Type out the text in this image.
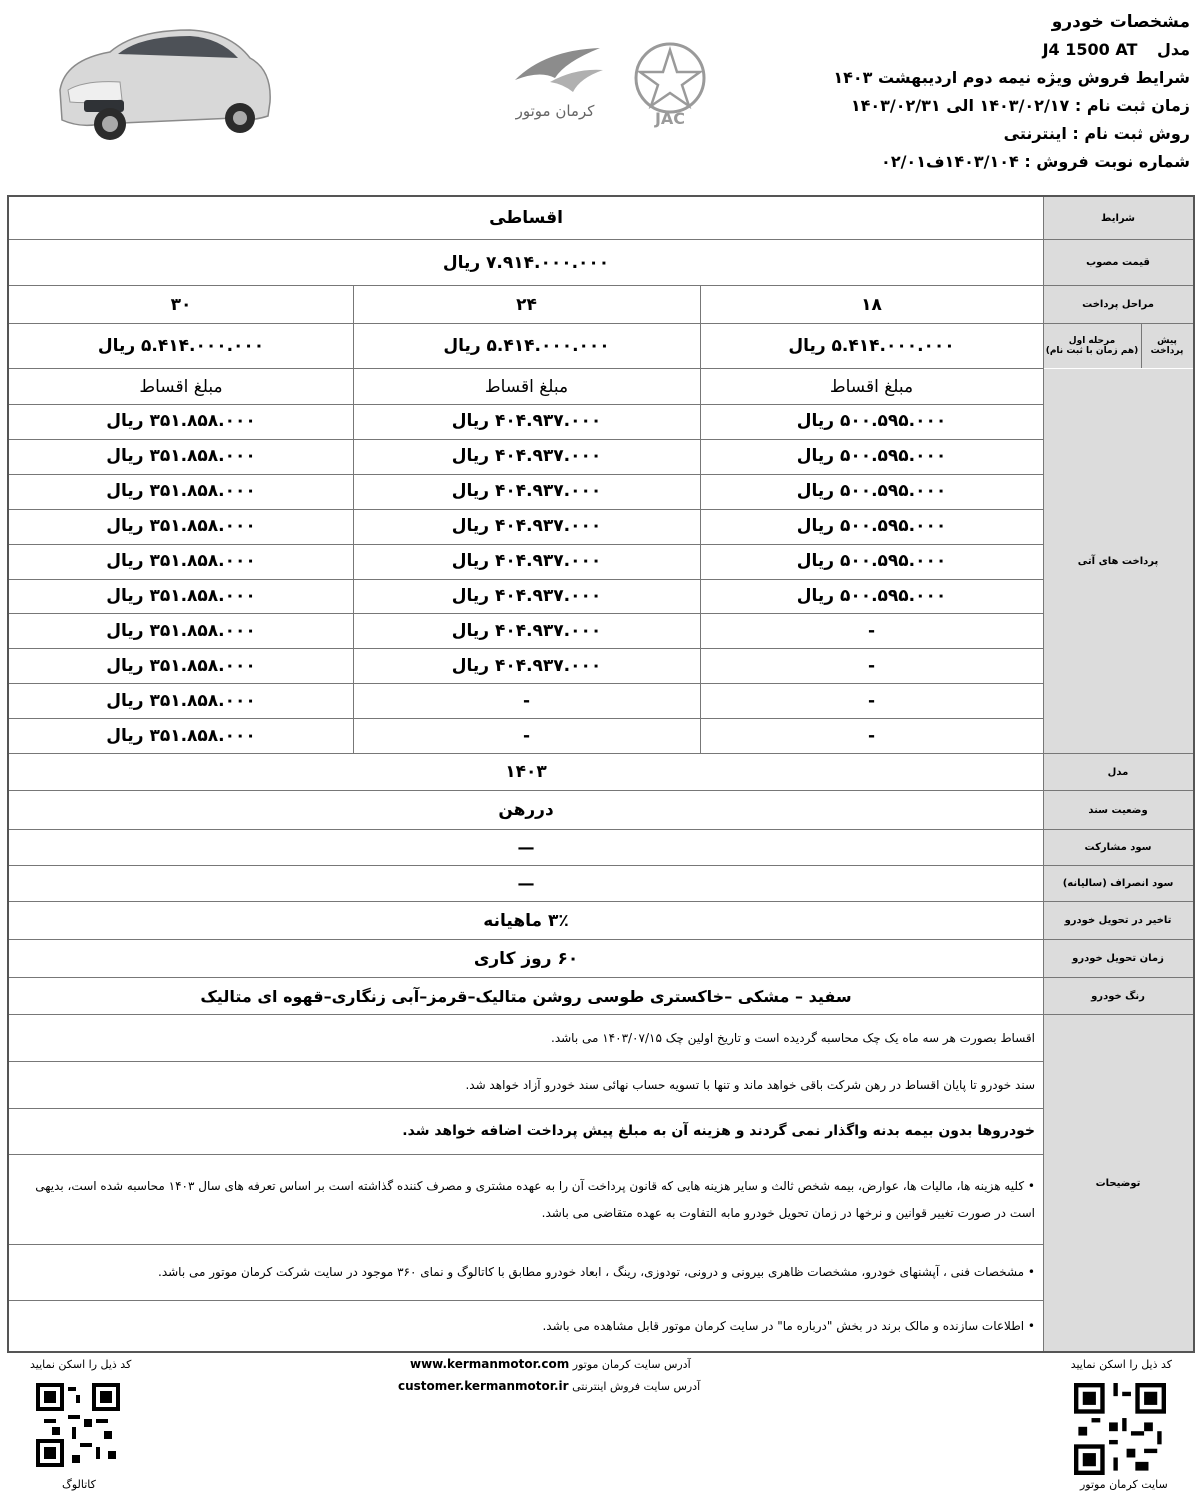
مشخصات خودرو
مدل J4 1500 AT
شرایط فروش ویژه نیمه دوم اردیبهشت ۱۴۰۳
زمان ثبت نام : ۱۴۰۳/۰۲/۱۷ الی ۱۴۰۳/۰۲/۳۱
روش ثبت نام : اینترنتی
شماره نوبت فروش : ۱۴۰۳/۱۰۴ف۰۲/۰۱
JAC
کرمان موتور
شرایط
اقساطی
قیمت مصوب
۷.۹۱۴.۰۰۰.۰۰۰ ریال
مراحل پرداخت
۱۸
۲۴
۳۰
مرحله اول
(هم زمان با ثبت نام)
پیش پرداخت
۵.۴۱۴.۰۰۰.۰۰۰ ریال
۵.۴۱۴.۰۰۰.۰۰۰ ریال
۵.۴۱۴.۰۰۰.۰۰۰ ریال
پرداخت های آتی
مبلغ اقساط
۵۰۰.۵۹۵.۰۰۰ ریال
۵۰۰.۵۹۵.۰۰۰ ریال
۵۰۰.۵۹۵.۰۰۰ ریال
۵۰۰.۵۹۵.۰۰۰ ریال
۵۰۰.۵۹۵.۰۰۰ ریال
۵۰۰.۵۹۵.۰۰۰ ریال
-
-
-
-
مبلغ اقساط
۴۰۴.۹۳۷.۰۰۰ ریال
۴۰۴.۹۳۷.۰۰۰ ریال
۴۰۴.۹۳۷.۰۰۰ ریال
۴۰۴.۹۳۷.۰۰۰ ریال
۴۰۴.۹۳۷.۰۰۰ ریال
۴۰۴.۹۳۷.۰۰۰ ریال
۴۰۴.۹۳۷.۰۰۰ ریال
۴۰۴.۹۳۷.۰۰۰ ریال
-
-
مبلغ اقساط
۳۵۱.۸۵۸.۰۰۰ ریال
۳۵۱.۸۵۸.۰۰۰ ریال
۳۵۱.۸۵۸.۰۰۰ ریال
۳۵۱.۸۵۸.۰۰۰ ریال
۳۵۱.۸۵۸.۰۰۰ ریال
۳۵۱.۸۵۸.۰۰۰ ریال
۳۵۱.۸۵۸.۰۰۰ ریال
۳۵۱.۸۵۸.۰۰۰ ریال
۳۵۱.۸۵۸.۰۰۰ ریال
۳۵۱.۸۵۸.۰۰۰ ریال
مدل
۱۴۰۳
وضعیت سند
دررهن
سود مشارکت
—
سود انصراف (سالیانه)
—
تاخیر در تحویل خودرو
۳٪ ماهیانه
زمان تحویل خودرو
۶۰ روز کاری
رنگ خودرو
سفید – مشکی –خاکستری طوسی روشن متالیک–قرمز–آبی زنگاری–قهوه ای متالیک
توضیحات
اقساط بصورت هر سه ماه یک چک محاسبه گردیده است و تاریخ اولین چک ۱۴۰۳/۰۷/۱۵ می باشد.
سند خودرو تا پایان اقساط در رهن شرکت باقی خواهد ماند و تنها با تسویه حساب نهائی سند خودرو آزاد خواهد شد.
خودروها بدون بیمه بدنه واگذار نمی گردند و هزینه آن به مبلغ پیش پرداخت اضافه خواهد شد.
• کلیه هزینه ها، مالیات ها، عوارض، بیمه شخص ثالث و سایر هزینه هایی که قانون پرداخت آن را به عهده مشتری و مصرف کننده گذاشته است بر اساس تعرفه های سال ۱۴۰۳ محاسبه شده است، بدیهی است در صورت تغییر قوانین و نرخها در زمان تحویل خودرو مابه التفاوت به عهده متقاضی می باشد.
• مشخصات فنی ، آپشنهای خودرو، مشخصات ظاهری بیرونی و درونی، تودوزی، رینگ ، ابعاد خودرو مطابق با کاتالوگ و نمای ۳۶۰ موجود در سایت شرکت کرمان موتور می باشد.
• اطلاعات سازنده و مالک برند در بخش "درباره ما" در سایت کرمان موتور قابل مشاهده می باشد.
کد ذیل را اسکن نمایید
کاتالوگ
www.kermanmotor.com آدرس سایت کرمان موتور
customer.kermanmotor.ir آدرس سایت فروش اینترنتی
کد ذیل را اسکن نمایید
سایت کرمان موتور
